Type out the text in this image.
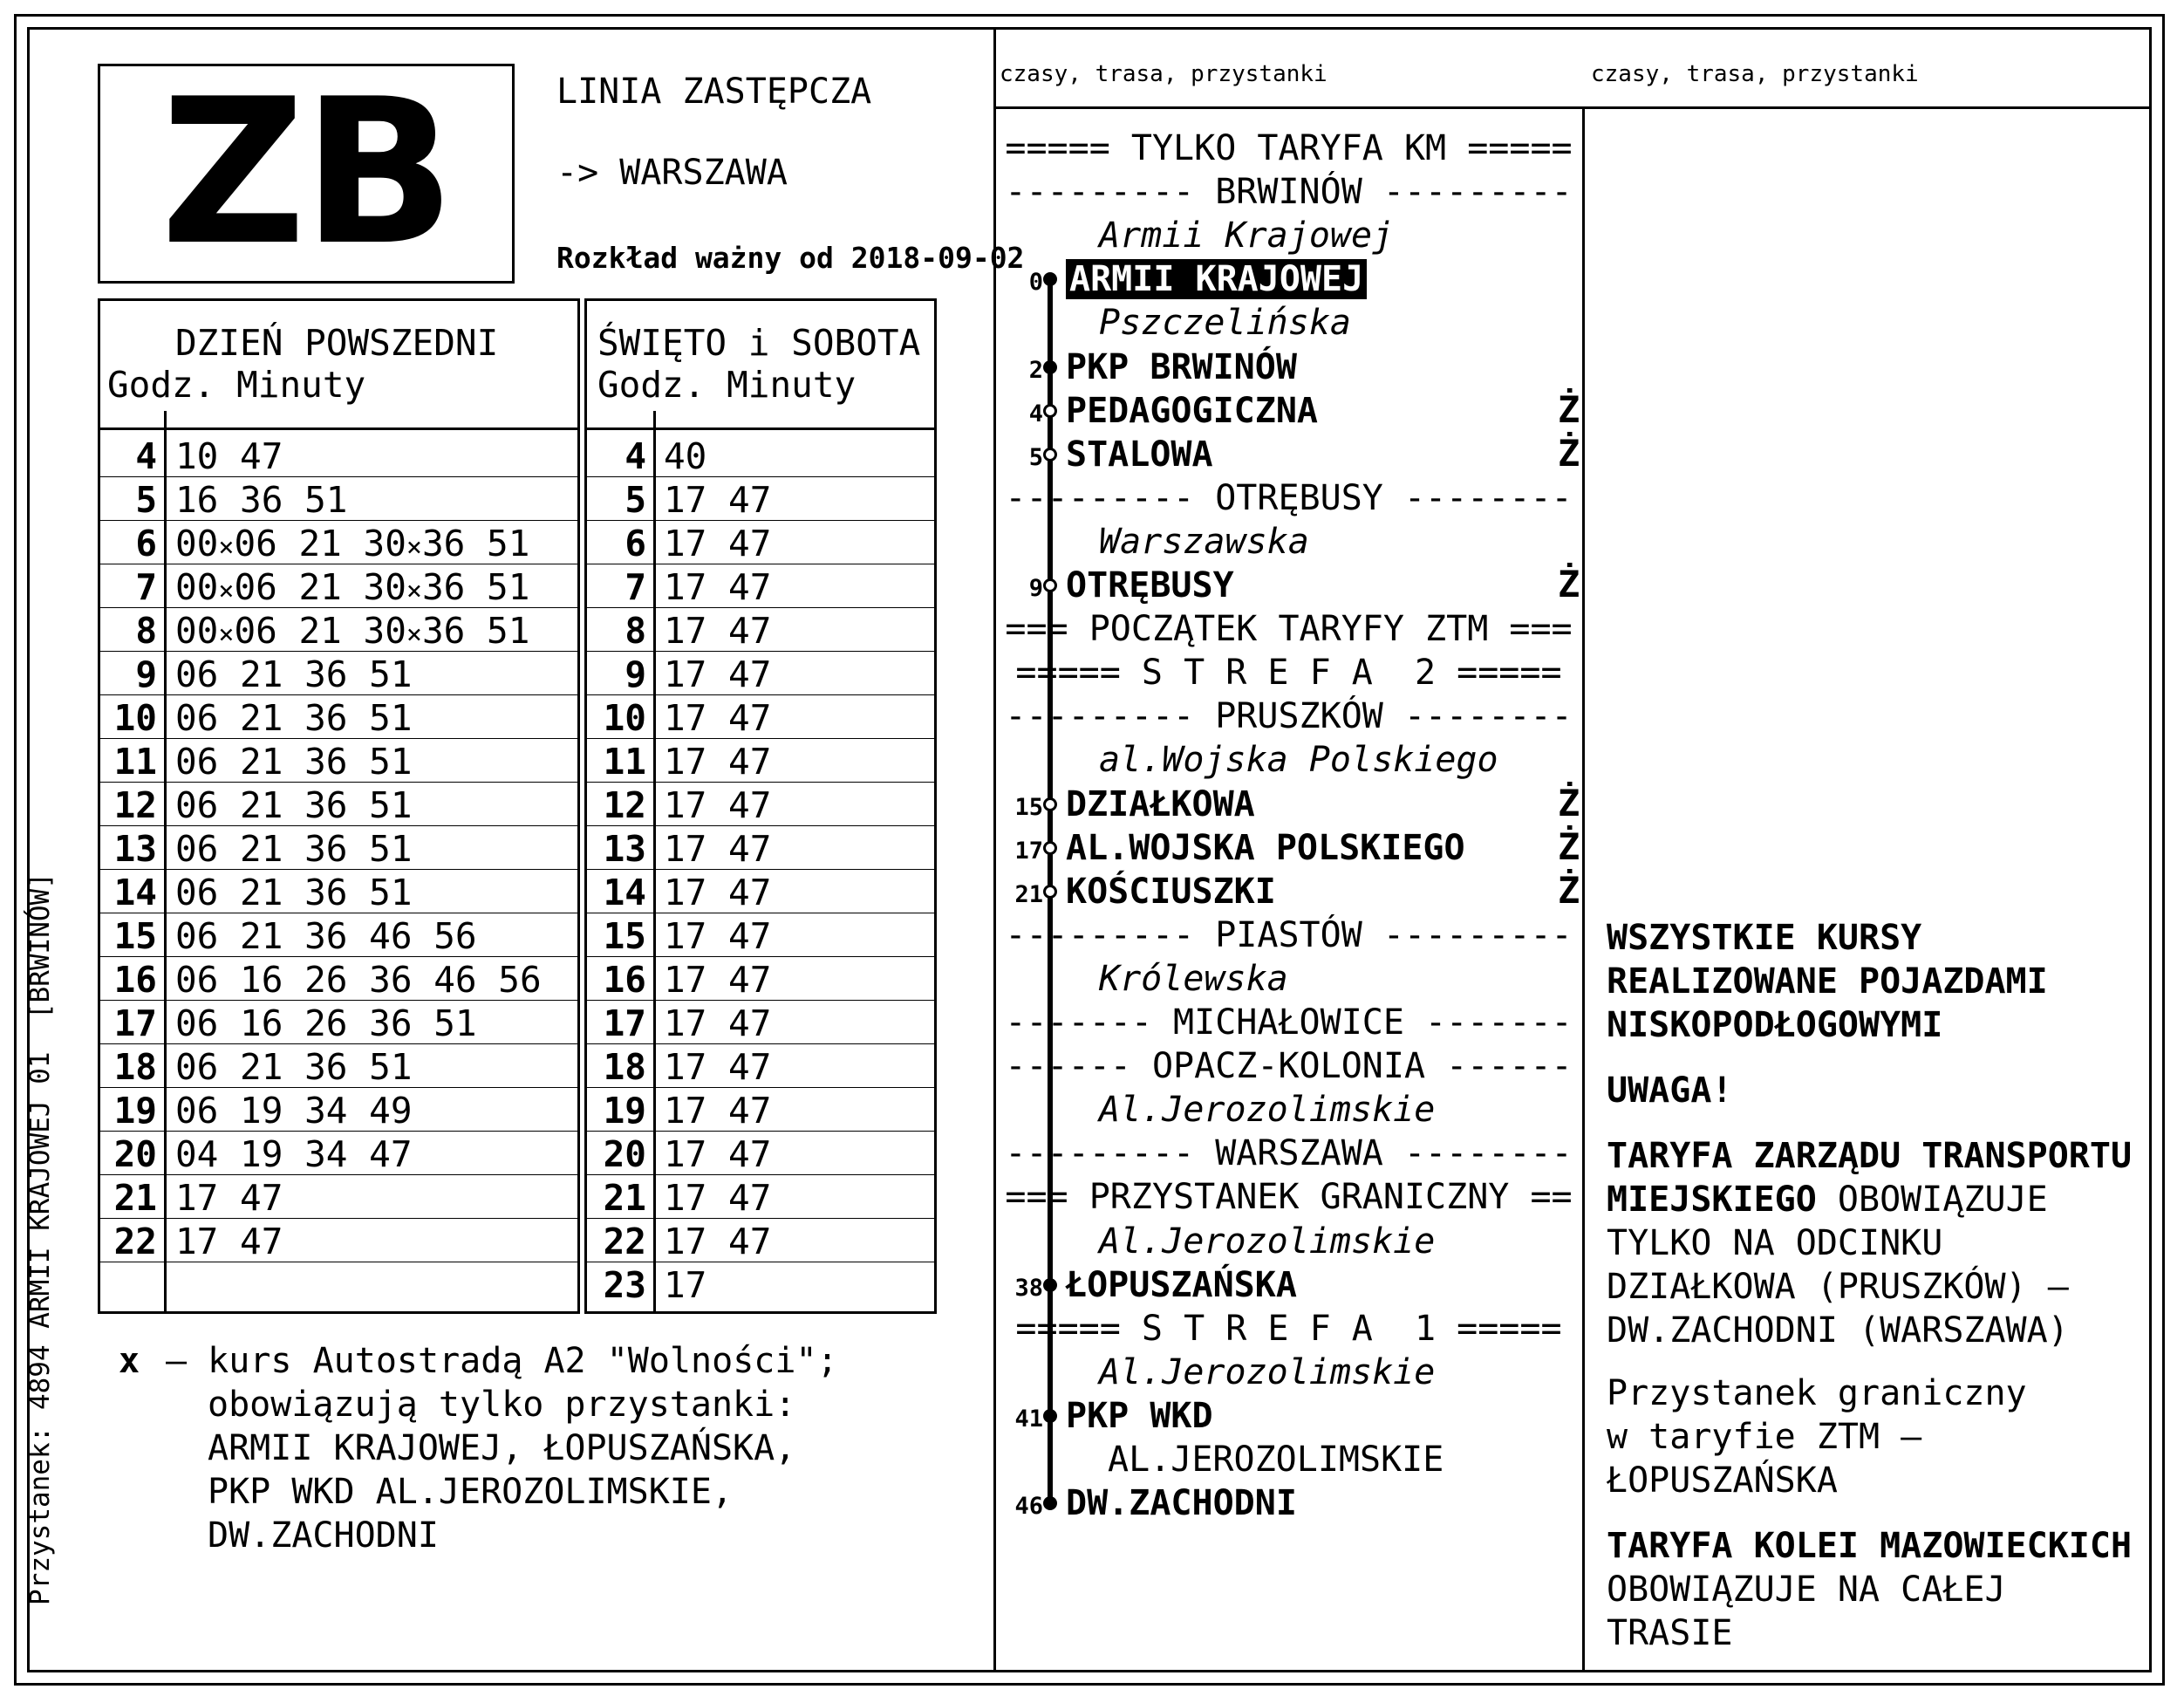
Przystanek: 4894 ARMII KRAJOWEJ 01  [BRWINÓW]
ZB	LINIA ZASTĘPCZA
-> WARSZAWA
Rozkład ważny od 2018-09-02
DZIEŃ POWSZEDNI
Godz. Minuty
4 10 47
5 16 36 51
6 00×06 21 30×36 51
7 00×06 21 30×36 51
8 00×06 21 30×36 51
9 06 21 36 51
10 06 21 36 51
11 06 21 36 51
12 06 21 36 51
13 06 21 36 51
14 06 21 36 51
15 06 21 36 46 56
16 06 16 26 36 46 56
17 06 16 26 36 51
18 06 21 36 51
19 06 19 34 49
20 04 19 34 47
21 17 47
22 17 47
ŚWIĘTO i SOBOTA
Godz. Minuty
4 40
5 17 47
6 17 47
7 17 47
8 17 47
9 17 47
10 17 47
11 17 47
12 17 47
13 17 47
14 17 47
15 17 47
16 17 47
17 17 47
18 17 47
19 17 47
20 17 47
21 17 47
22 17 47
23 17
x – kurs Autostradą A2 "Wolności";
obowiązują tylko przystanki:
ARMII KRAJOWEJ, ŁOPUSZAŃSKA,
PKP WKD AL.JEROZOLIMSKIE,
DW.ZACHODNI
czasy, trasa, przystanki	czasy, trasa, przystanki
===== TYLKO TARYFA KM =====
--------- BRWINÓW ---------
Armii Krajowej
0 ARMII KRAJOWEJ
Pszczelińska
2 PKP BRWINÓW
4 PEDAGOGICZNA	Ż
5 STALOWA	Ż
--------- OTRĘBUSY --------
Warszawska
9 OTRĘBUSY	Ż
=== POCZĄTEK TARYFY ZTM ===
===== S T R E F A  2 =====
--------- PRUSZKÓW --------
al.Wojska Polskiego
15 DZIAŁKOWA	Ż
17 AL.WOJSKA POLSKIEGO	Ż
21 KOŚCIUSZKI	Ż
--------- PIASTÓW ---------
Królewska
------- MICHAŁOWICE -------
------ OPACZ-KOLONIA ------
Al.Jerozolimskie
--------- WARSZAWA --------
=== PRZYSTANEK GRANICZNY ==
Al.Jerozolimskie
38 ŁOPUSZAŃSKA
===== S T R E F A  1 =====
Al.Jerozolimskie
41 PKP WKD
AL.JEROZOLIMSKIE
46 DW.ZACHODNI
WSZYSTKIE KURSY
REALIZOWANE POJAZDAMI
NISKOPODŁOGOWYMI
UWAGA!
TARYFA ZARZĄDU TRANSPORTU
MIEJSKIEGO OBOWIĄZUJE
TYLKO NA ODCINKU
DZIAŁKOWA (PRUSZKÓW) –
DW.ZACHODNI (WARSZAWA)
Przystanek graniczny
w taryfie ZTM –
ŁOPUSZAŃSKA
TARYFA KOLEI MAZOWIECKICH
OBOWIĄZUJE NA CAŁEJ
TRASIE
